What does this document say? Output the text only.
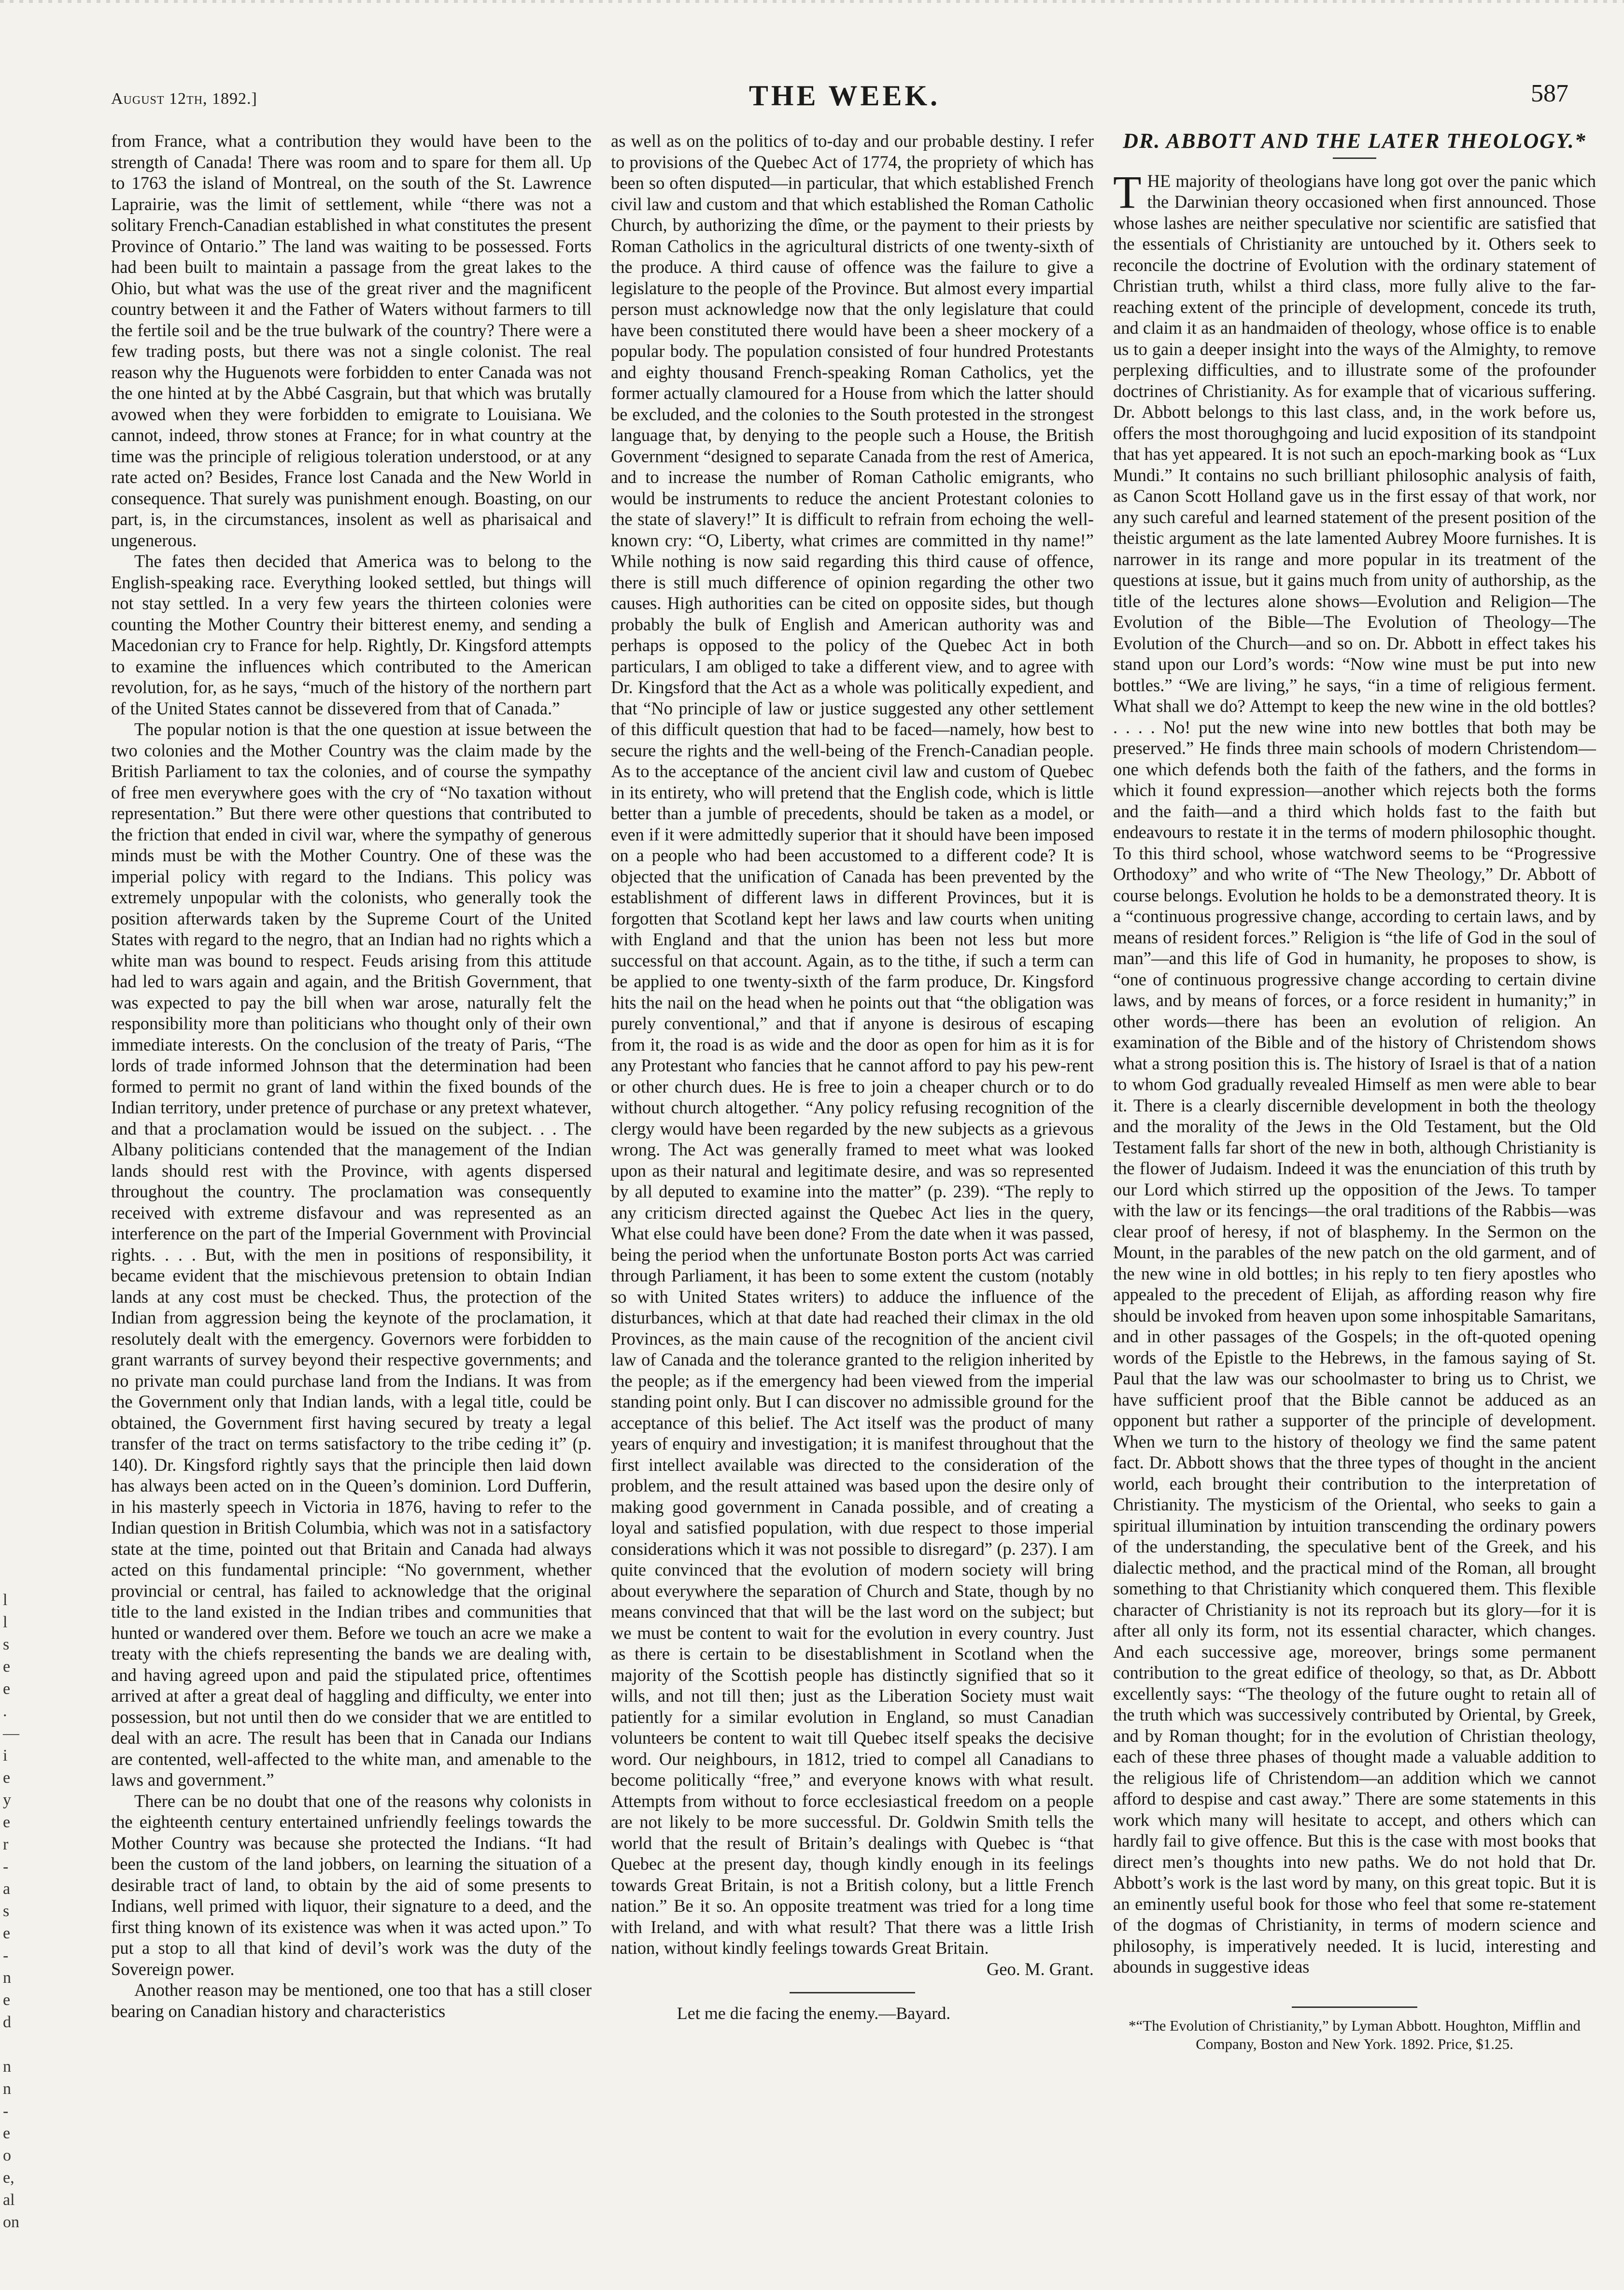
August 12th, 1892.]	THE WEEK.	587

from France, what a contribution they would have been to the strength of Canada! There was room and to spare for them all. Up to 1763 the island of Montreal, on the south of the St. Lawrence Laprairie, was the limit of settlement, while “there was not a solitary French-Canadian established in what constitutes the present Province of Ontario.” The land was waiting to be possessed. Forts had been built to maintain a passage from the great lakes to the Ohio, but what was the use of the great river and the magnificent country between it and the Father of Waters without farmers to till the fertile soil and be the true bulwark of the country? There were a few trading posts, but there was not a single colonist. The real reason why the Huguenots were forbidden to enter Canada was not the one hinted at by the Abbé Casgrain, but that which was brutally avowed when they were forbidden to emigrate to Louisiana. We cannot, indeed, throw stones at France; for in what country at the time was the principle of religious toleration understood, or at any rate acted on? Besides, France lost Canada and the New World in consequence. That surely was punishment enough. Boasting, on our part, is, in the circumstances, insolent as well as pharisaical and ungenerous.

The fates then decided that America was to belong to the English-speaking race. Everything looked settled, but things will not stay settled. In a very few years the thirteen colonies were counting the Mother Country their bitterest enemy, and sending a Macedonian cry to France for help. Rightly, Dr. Kingsford attempts to examine the influences which contributed to the American revolution, for, as he says, “much of the history of the northern part of the United States cannot be dissevered from that of Canada.”

The popular notion is that the one question at issue between the two colonies and the Mother Country was the claim made by the British Parliament to tax the colonies, and of course the sympathy of free men everywhere goes with the cry of “No taxation without representation.” But there were other questions that contributed to the friction that ended in civil war, where the sympathy of generous minds must be with the Mother Country. One of these was the imperial policy with regard to the Indians. This policy was extremely unpopular with the colonists, who generally took the position afterwards taken by the Supreme Court of the United States with regard to the negro, that an Indian had no rights which a white man was bound to respect. Feuds arising from this attitude had led to wars again and again, and the British Government, that was expected to pay the bill when war arose, naturally felt the responsibility more than politicians who thought only of their own immediate interests. On the conclusion of the treaty of Paris, “The lords of trade informed Johnson that the determination had been formed to permit no grant of land within the fixed bounds of the Indian territory, under pretence of purchase or any pretext whatever, and that a proclamation would be issued on the subject. . . The Albany politicians contended that the management of the Indian lands should rest with the Province, with agents dispersed throughout the country. The proclamation was consequently received with extreme disfavour and was represented as an interference on the part of the Imperial Government with Provincial rights. . . . But, with the men in positions of responsibility, it became evident that the mischievous pretension to obtain Indian lands at any cost must be checked. Thus, the protection of the Indian from aggression being the keynote of the proclamation, it resolutely dealt with the emergency. Governors were forbidden to grant warrants of survey beyond their respective governments; and no private man could purchase land from the Indians. It was from the Government only that Indian lands, with a legal title, could be obtained, the Government first having secured by treaty a legal transfer of the tract on terms satisfactory to the tribe ceding it” (p. 140). Dr. Kingsford rightly says that the principle then laid down has always been acted on in the Queen’s dominion. Lord Dufferin, in his masterly speech in Victoria in 1876, having to refer to the Indian question in British Columbia, which was not in a satisfactory state at the time, pointed out that Britain and Canada had always acted on this fundamental principle: “No government, whether provincial or central, has failed to acknowledge that the original title to the land existed in the Indian tribes and communities that hunted or wandered over them. Before we touch an acre we make a treaty with the chiefs representing the bands we are dealing with, and having agreed upon and paid the stipulated price, oftentimes arrived at after a great deal of haggling and difficulty, we enter into possession, but not until then do we consider that we are entitled to deal with an acre. The result has been that in Canada our Indians are contented, well-affected to the white man, and amenable to the laws and government.”

There can be no doubt that one of the reasons why colonists in the eighteenth century entertained unfriendly feelings towards the Mother Country was because she protected the Indians. “It had been the custom of the land jobbers, on learning the situation of a desirable tract of land, to obtain by the aid of some presents to Indians, well primed with liquor, their signature to a deed, and the first thing known of its existence was when it was acted upon.” To put a stop to all that kind of devil’s work was the duty of the Sovereign power.

Another reason may be mentioned, one too that has a still closer bearing on Canadian history and characteristics

as well as on the politics of to-day and our probable destiny. I refer to provisions of the Quebec Act of 1774, the propriety of which has been so often disputed—in particular, that which established French civil law and custom and that which established the Roman Catholic Church, by authorizing the dîme, or the payment to their priests by Roman Catholics in the agricultural districts of one twenty-sixth of the produce. A third cause of offence was the failure to give a legislature to the people of the Province. But almost every impartial person must acknowledge now that the only legislature that could have been constituted there would have been a sheer mockery of a popular body. The population consisted of four hundred Protestants and eighty thousand French-speaking Roman Catholics, yet the former actually clamoured for a House from which the latter should be excluded, and the colonies to the South protested in the strongest language that, by denying to the people such a House, the British Government “designed to separate Canada from the rest of America, and to increase the number of Roman Catholic emigrants, who would be instruments to reduce the ancient Protestant colonies to the state of slavery!” It is difficult to refrain from echoing the well-known cry: “O, Liberty, what crimes are committed in thy name!” While nothing is now said regarding this third cause of offence, there is still much difference of opinion regarding the other two causes. High authorities can be cited on opposite sides, but though probably the bulk of English and American authority was and perhaps is opposed to the policy of the Quebec Act in both particulars, I am obliged to take a different view, and to agree with Dr. Kingsford that the Act as a whole was politically expedient, and that “No principle of law or justice suggested any other settlement of this difficult question that had to be faced—namely, how best to secure the rights and the well-being of the French-Canadian people. As to the acceptance of the ancient civil law and custom of Quebec in its entirety, who will pretend that the English code, which is little better than a jumble of precedents, should be taken as a model, or even if it were admittedly superior that it should have been imposed on a people who had been accustomed to a different code? It is objected that the unification of Canada has been prevented by the establishment of different laws in different Provinces, but it is forgotten that Scotland kept her laws and law courts when uniting with England and that the union has been not less but more successful on that account. Again, as to the tithe, if such a term can be applied to one twenty-sixth of the farm produce, Dr. Kingsford hits the nail on the head when he points out that “the obligation was purely conventional,” and that if anyone is desirous of escaping from it, the road is as wide and the door as open for him as it is for any Protestant who fancies that he cannot afford to pay his pew-rent or other church dues. He is free to join a cheaper church or to do without church altogether. “Any policy refusing recognition of the clergy would have been regarded by the new subjects as a grievous wrong. The Act was generally framed to meet what was looked upon as their natural and legitimate desire, and was so represented by all deputed to examine into the matter” (p. 239). “The reply to any criticism directed against the Quebec Act lies in the query, What else could have been done? From the date when it was passed, being the period when the unfortunate Boston ports Act was carried through Parliament, it has been to some extent the custom (notably so with United States writers) to adduce the influence of the disturbances, which at that date had reached their climax in the old Provinces, as the main cause of the recognition of the ancient civil law of Canada and the tolerance granted to the religion inherited by the people; as if the emergency had been viewed from the imperial standing point only. But I can discover no admissible ground for the acceptance of this belief. The Act itself was the product of many years of enquiry and investigation; it is manifest throughout that the first intellect available was directed to the consideration of the problem, and the result attained was based upon the desire only of making good government in Canada possible, and of creating a loyal and satisfied population, with due respect to those imperial considerations which it was not possible to disregard” (p. 237). I am quite convinced that the evolution of modern society will bring about everywhere the separation of Church and State, though by no means convinced that that will be the last word on the subject; but we must be content to wait for the evolution in every country. Just as there is certain to be disestablishment in Scotland when the majority of the Scottish people has distinctly signified that so it wills, and not till then; just as the Liberation Society must wait patiently for a similar evolution in England, so must Canadian volunteers be content to wait till Quebec itself speaks the decisive word. Our neighbours, in 1812, tried to compel all Canadians to become politically “free,” and everyone knows with what result. Attempts from without to force ecclesiastical freedom on a people are not likely to be more successful. Dr. Goldwin Smith tells the world that the result of Britain’s dealings with Quebec is “that Quebec at the present day, though kindly enough in its feelings towards Great Britain, is not a British colony, but a little French nation.” Be it so. An opposite treatment was tried for a long time with Ireland, and with what result? That there was a little Irish nation, without kindly feelings towards Great Britain.

Geo. M. Grant.
Let me die facing the enemy.—Bayard.
DR. ABBOTT AND THE LATER THEOLOGY.*

THE majority of theologians have long got over the panic which the Darwinian theory occasioned when first announced. Those whose lashes are neither speculative nor scientific are satisfied that the essentials of Christianity are untouched by it. Others seek to reconcile the doctrine of Evolution with the ordinary statement of Christian truth, whilst a third class, more fully alive to the far-reaching extent of the principle of development, concede its truth, and claim it as an handmaiden of theology, whose office is to enable us to gain a deeper insight into the ways of the Almighty, to remove perplexing difficulties, and to illustrate some of the profounder doctrines of Christianity. As for example that of vicarious suffering. Dr. Abbott belongs to this last class, and, in the work before us, offers the most thoroughgoing and lucid exposition of its standpoint that has yet appeared. It is not such an epoch-marking book as “Lux Mundi.” It contains no such brilliant philosophic analysis of faith, as Canon Scott Holland gave us in the first essay of that work, nor any such careful and learned statement of the present position of the theistic argument as the late lamented Aubrey Moore furnishes. It is narrower in its range and more popular in its treatment of the questions at issue, but it gains much from unity of authorship, as the title of the lectures alone shows—Evolution and Religion—The Evolution of the Bible—The Evolution of Theology—The Evolution of the Church—and so on. Dr. Abbott in effect takes his stand upon our Lord’s words: “Now wine must be put into new bottles.” “We are living,” he says, “in a time of religious ferment. What shall we do? Attempt to keep the new wine in the old bottles? . . . . No! put the new wine into new bottles that both may be preserved.” He finds three main schools of modern Christendom—one which defends both the faith of the fathers, and the forms in which it found expression—another which rejects both the forms and the faith—and a third which holds fast to the faith but endeavours to restate it in the terms of modern philosophic thought. To this third school, whose watchword seems to be “Progressive Orthodoxy” and who write of “The New Theology,” Dr. Abbott of course belongs. Evolution he holds to be a demonstrated theory. It is a “continuous progressive change, according to certain laws, and by means of resident forces.” Religion is “the life of God in the soul of man”—and this life of God in humanity, he proposes to show, is “one of continuous progressive change according to certain divine laws, and by means of forces, or a force resident in humanity;” in other words—there has been an evolution of religion. An examination of the Bible and of the history of Christendom shows what a strong position this is. The history of Israel is that of a nation to whom God gradually revealed Himself as men were able to bear it. There is a clearly discernible development in both the theology and the morality of the Jews in the Old Testament, but the Old Testament falls far short of the new in both, although Christianity is the flower of Judaism. Indeed it was the enunciation of this truth by our Lord which stirred up the opposition of the Jews. To tamper with the law or its fencings—the oral traditions of the Rabbis—was clear proof of heresy, if not of blasphemy. In the Sermon on the Mount, in the parables of the new patch on the old garment, and of the new wine in old bottles; in his reply to ten fiery apostles who appealed to the precedent of Elijah, as affording reason why fire should be invoked from heaven upon some inhospitable Samaritans, and in other passages of the Gospels; in the oft-quoted opening words of the Epistle to the Hebrews, in the famous saying of St. Paul that the law was our schoolmaster to bring us to Christ, we have sufficient proof that the Bible cannot be adduced as an opponent but rather a supporter of the principle of development. When we turn to the history of theology we find the same patent fact. Dr. Abbott shows that the three types of thought in the ancient world, each brought their contribution to the interpretation of Christianity. The mysticism of the Oriental, who seeks to gain a spiritual illumination by intuition transcending the ordinary powers of the understanding, the speculative bent of the Greek, and his dialectic method, and the practical mind of the Roman, all brought something to that Christianity which conquered them. This flexible character of Christianity is not its reproach but its glory—for it is after all only its form, not its essential character, which changes. And each successive age, moreover, brings some permanent contribution to the great edifice of theology, so that, as Dr. Abbott excellently says: “The theology of the future ought to retain all of the truth which was successively contributed by Oriental, by Greek, and by Roman thought; for in the evolution of Christian theology, each of these three phases of thought made a valuable addition to the religious life of Christendom—an addition which we cannot afford to despise and cast away.” There are some statements in this work which many will hesitate to accept, and others which can hardly fail to give offence. But this is the case with most books that direct men’s thoughts into new paths. We do not hold that Dr. Abbott’s work is the last word by many, on this great topic. But it is an eminently useful book for those who feel that some re-statement of the dogmas of Christianity, in terms of modern science and philosophy, is imperatively needed. It is lucid, interesting and abounds in suggestive ideas

*“The Evolution of Christianity,” by Lyman Abbott. Houghton, Mifflin and Company, Boston and New York. 1892. Price, $1.25.
l
l
s
e
e
.
—
i
e
y
e
r
-
a
s
e
-
n
e
d

n
n
-
e
o
e,
al
on
